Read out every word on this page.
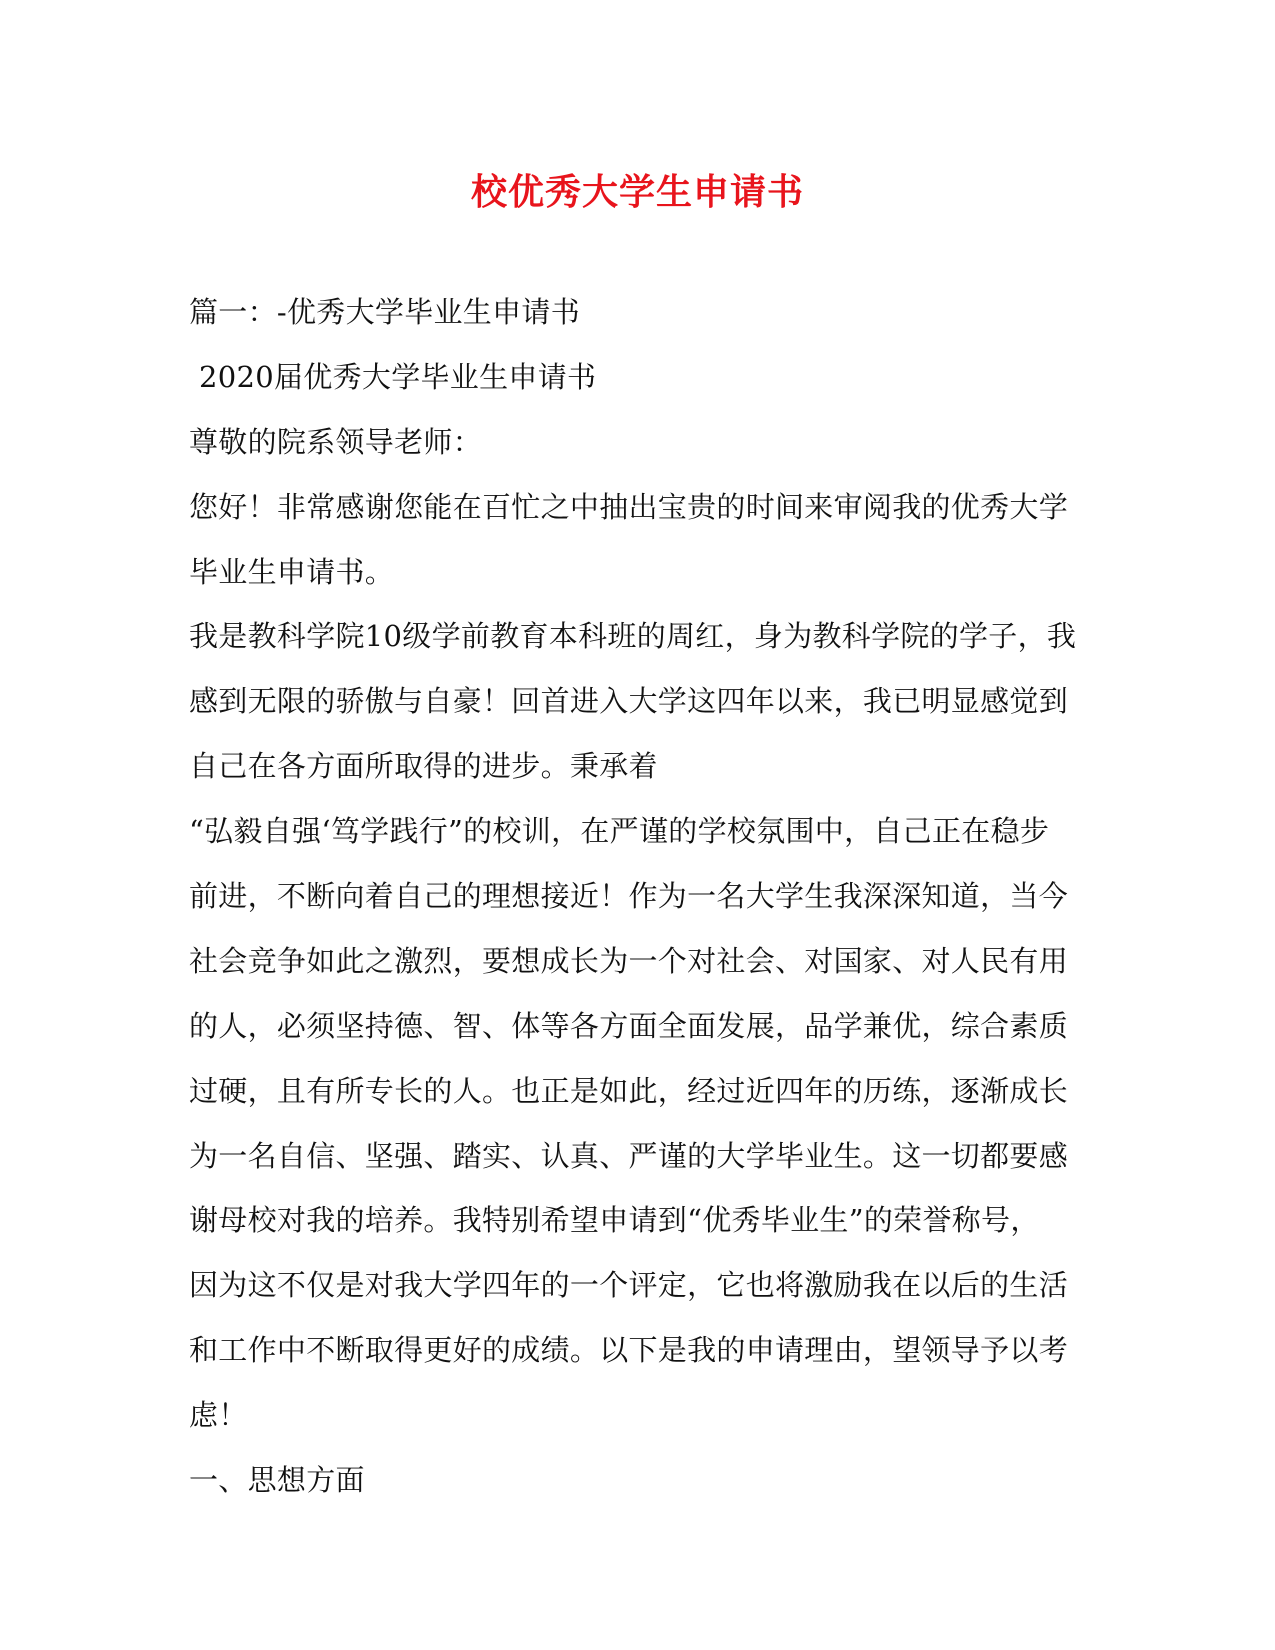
校优秀大学生申请书
篇一：-优秀大学毕业生申请书
2020届优秀大学毕业生申请书
尊敬的院系领导老师：
您好！非常感谢您能在百忙之中抽出宝贵的时间来审阅我的优秀大学
毕业生申请书。
我是教科学院10级学前教育本科班的周红，身为教科学院的学子，我
感到无限的骄傲与自豪！回首进入大学这四年以来，我已明显感觉到
自己在各方面所取得的进步。秉承着
“弘毅自强‘笃学践行”的校训，在严谨的学校氛围中，自己正在稳步
前进，不断向着自己的理想接近！作为一名大学生我深深知道，当今
社会竞争如此之激烈，要想成长为一个对社会、对国家、对人民有用
的人，必须坚持德、智、体等各方面全面发展，品学兼优，综合素质
过硬，且有所专长的人。也正是如此，经过近四年的历练，逐渐成长
为一名自信、坚强、踏实、认真、严谨的大学毕业生。这一切都要感
谢母校对我的培养。我特别希望申请到“优秀毕业生”的荣誉称号，
因为这不仅是对我大学四年的一个评定，它也将激励我在以后的生活
和工作中不断取得更好的成绩。以下是我的申请理由，望领导予以考
虑！
一、思想方面
